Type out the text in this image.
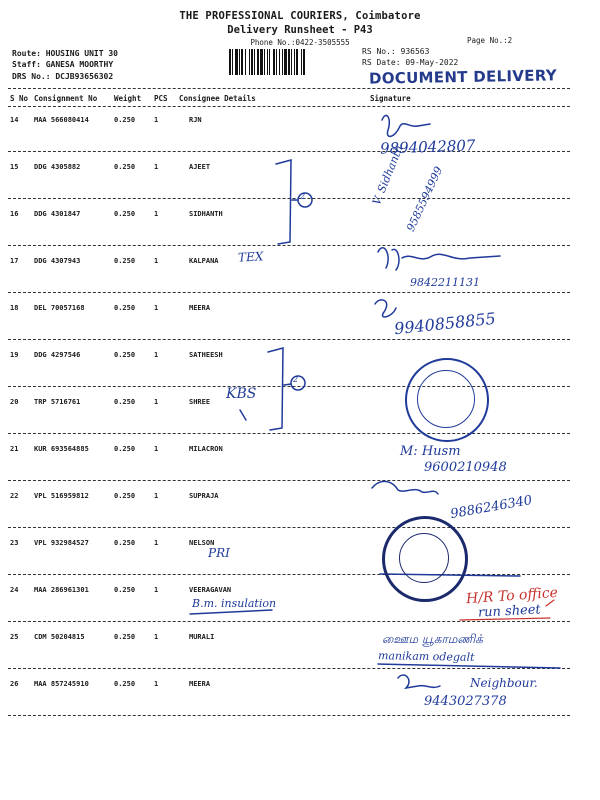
THE PROFESSIONAL COURIERS, Coimbatore
Delivery Runsheet - P43
Phone No.:0422-3505555	Page No.:2
Route: HOUSING UNIT 30
Staff: GANESA MOORTHY
DRS No.: DCJB93656302
RS No.: 936563
RS Date: 09-May-2022
DOCUMENT DELIVERY
S No Consignment No Weight PCS Consignee Details	Signature
14 MAA 566080414	0.250	1	RJN
15 DDG 4305882	0.250	1	AJEET
16 DDG 4301847	0.250	1	SIDHANTH
17 DDG 4307943	0.250	1	KALPANA
18 DEL 70057168	0.250	1	MEERA
19 DDG 4297546	0.250	1	SATHEESH
20 TRP 5716761	0.250	1	SHREE
21 KUR 693564885	0.250	1	MILACRON
22 VPL 516959812	0.250	1	SUPRAJA
23 VPL 932984527	0.250	1	NELSON
24 MAA 286961301	0.250	1	VEERAGAVAN
25 CDM 50204815	0.250	1	MURALI
26 MAA 857245910	0.250	1	MEERA
9894042807
V. Sidhanth
9585594999
9842211131
TEX
9940858855
KBS
M: Husm
9600210948
9886246340
PRI
B.m. insulation	H/R To office
run sheet
ஊைம யூகாமணிக்
manikam odegalt
Neighbour.
9443027378
2
2
